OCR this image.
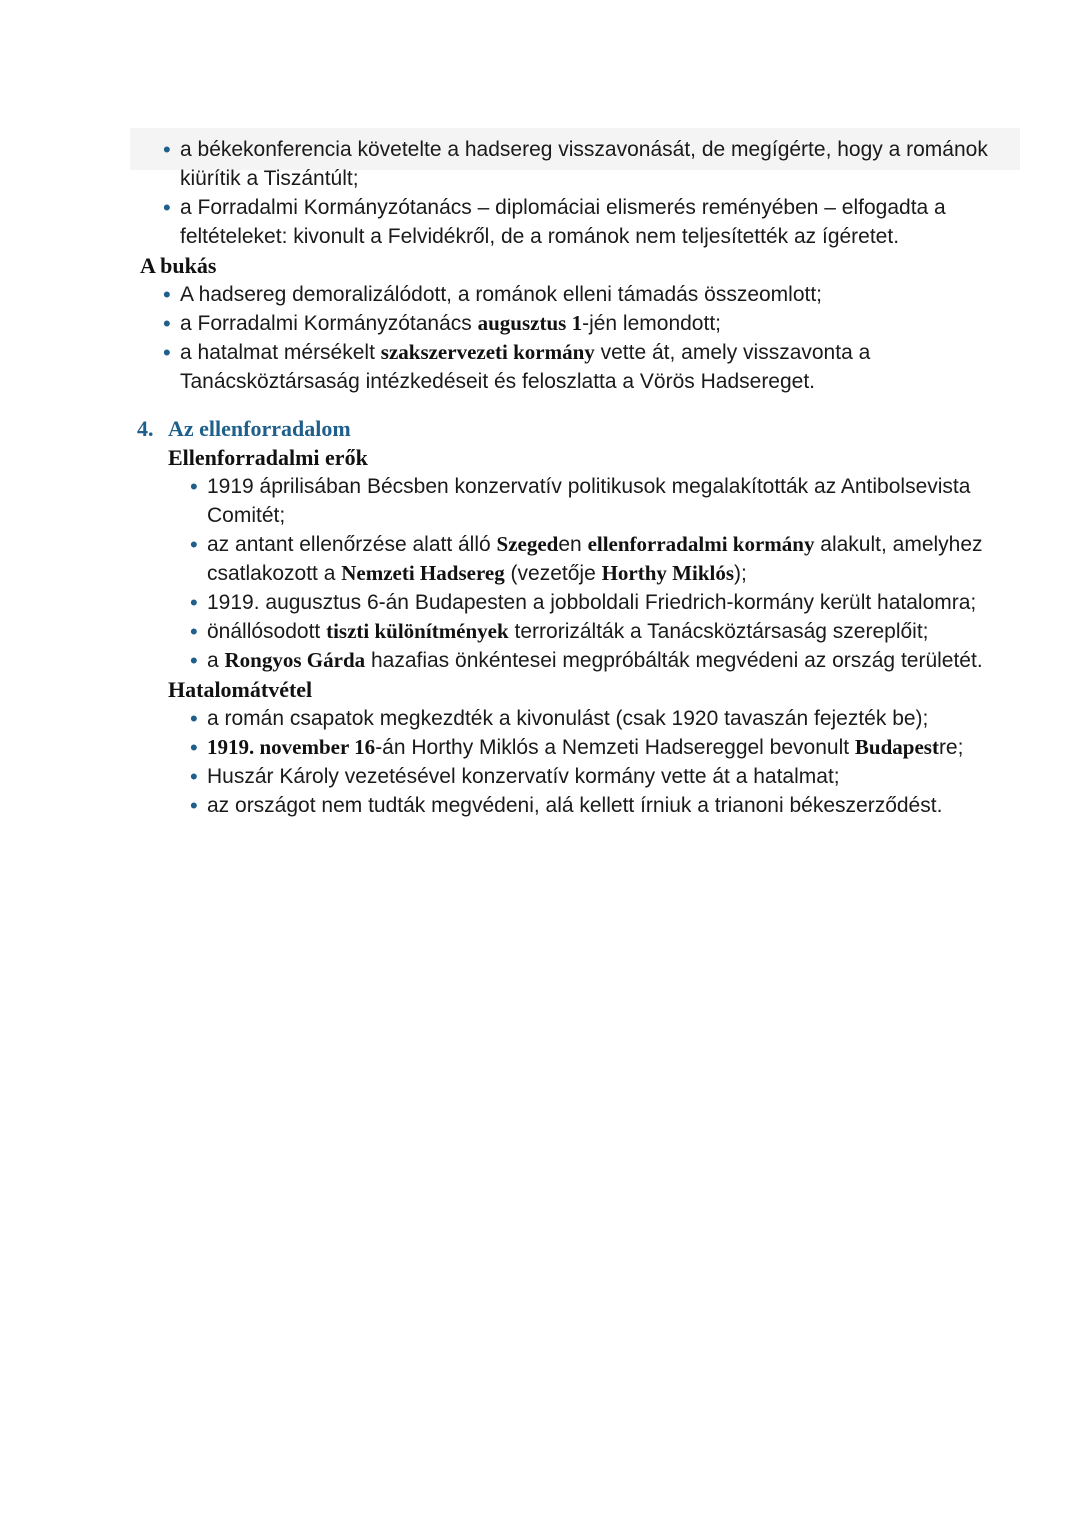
• a békekonferencia követelte a hadsereg visszavonását, de megígérte, hogy a románok kiürítik a Tiszántúlt;
• a Forradalmi Kormányzótanács – diplomáciai elismerés reményében – elfogadta a feltételeket: kivonult a Felvidékről, de a románok nem teljesítették az ígéretet.
A bukás
• A hadsereg demoralizálódott, a románok elleni támadás összeomlott;
• a Forradalmi Kormányzótanács augusztus 1-jén lemondott;
• a hatalmat mérsékelt szakszervezeti kormány vette át, amely visszavonta a Tanácsköztársaság intézkedéseit és feloszlatta a Vörös Hadsereget.
4. Az ellenforradalom
Ellenforradalmi erők
• 1919 áprilisában Bécsben konzervatív politikusok megalakították az Antibolsevista Comitét;
• az antant ellenőrzése alatt álló Szegeden ellenforradalmi kormány alakult, amelyhez csatlakozott a Nemzeti Hadsereg (vezetője Horthy Miklós);
• 1919. augusztus 6-án Budapesten a jobboldali Friedrich-kormány került hatalomra;
• önállósodott tiszti különítmények terrorizálták a Tanácsköztársaság szereplőit;
• a Rongyos Gárda hazafias önkéntesei megpróbálták megvédeni az ország területét.
Hatalomátvétel
• a román csapatok megkezdték a kivonulást (csak 1920 tavaszán fejezték be);
• 1919. november 16-án Horthy Miklós a Nemzeti Hadsereggel bevonult Budapestre;
• Huszár Károly vezetésével konzervatív kormány vette át a hatalmat;
• az országot nem tudták megvédeni, alá kellett írniuk a trianoni békeszerződést.
